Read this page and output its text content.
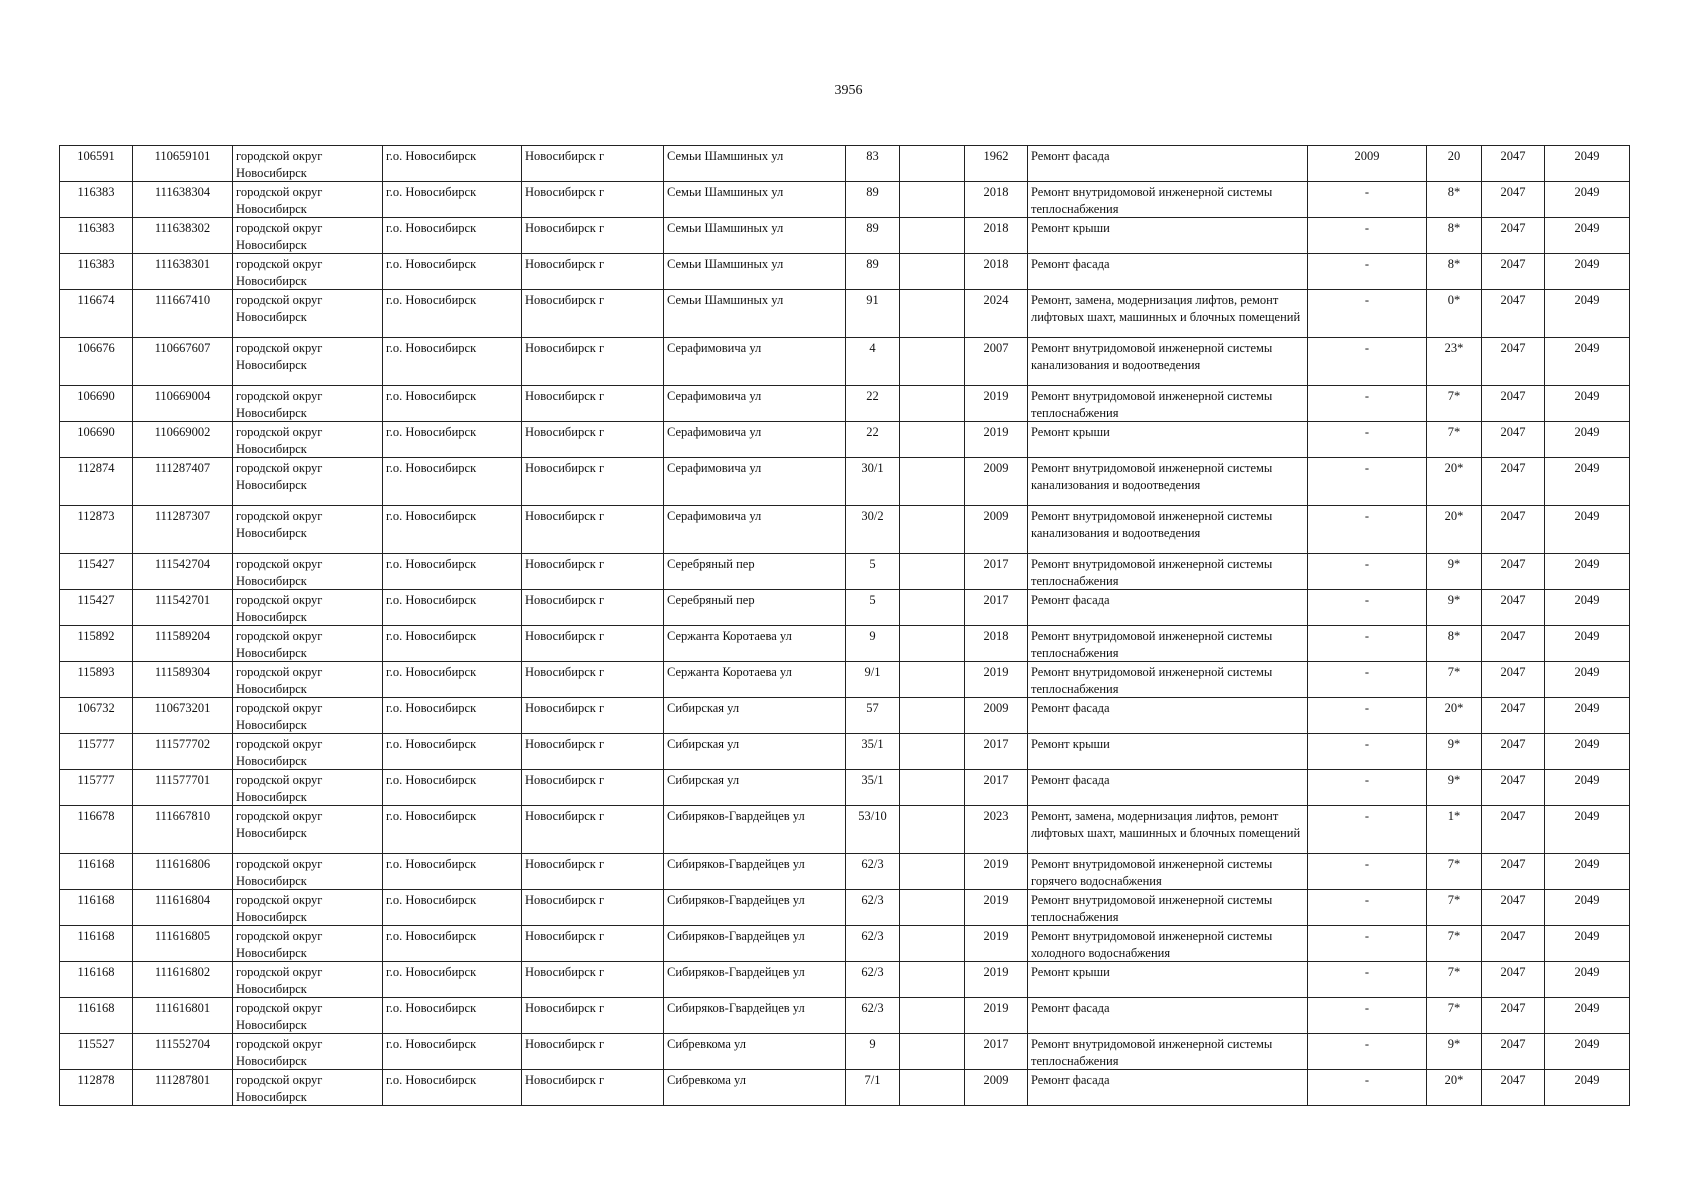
3956
106591	110659101	городской округ Новосибирск	г.о. Новосибирск	Новосибирск г	Семьи Шамшиных ул	83		1962	Ремонт фасада	2009	20	2047	2049
116383	111638304	городской округ Новосибирск	г.о. Новосибирск	Новосибирск г	Семьи Шамшиных ул	89		2018	Ремонт внутридомовой инженерной системы теплоснабжения	-	8*	2047	2049
116383	111638302	городской округ Новосибирск	г.о. Новосибирск	Новосибирск г	Семьи Шамшиных ул	89		2018	Ремонт крыши	-	8*	2047	2049
116383	111638301	городской округ Новосибирск	г.о. Новосибирск	Новосибирск г	Семьи Шамшиных ул	89		2018	Ремонт фасада	-	8*	2047	2049
116674	111667410	городской округ Новосибирск	г.о. Новосибирск	Новосибирск г	Семьи Шамшиных ул	91		2024	Ремонт, замена, модернизация лифтов, ремонт лифтовых шахт, машинных и блочных помещений	-	0*	2047	2049
106676	110667607	городской округ Новосибирск	г.о. Новосибирск	Новосибирск г	Серафимовича ул	4		2007	Ремонт внутридомовой инженерной системы канализования и водоотведения	-	23*	2047	2049
106690	110669004	городской округ Новосибирск	г.о. Новосибирск	Новосибирск г	Серафимовича ул	22		2019	Ремонт внутридомовой инженерной системы теплоснабжения	-	7*	2047	2049
106690	110669002	городской округ Новосибирск	г.о. Новосибирск	Новосибирск г	Серафимовича ул	22		2019	Ремонт крыши	-	7*	2047	2049
112874	111287407	городской округ Новосибирск	г.о. Новосибирск	Новосибирск г	Серафимовича ул	30/1		2009	Ремонт внутридомовой инженерной системы канализования и водоотведения	-	20*	2047	2049
112873	111287307	городской округ Новосибирск	г.о. Новосибирск	Новосибирск г	Серафимовича ул	30/2		2009	Ремонт внутридомовой инженерной системы канализования и водоотведения	-	20*	2047	2049
115427	111542704	городской округ Новосибирск	г.о. Новосибирск	Новосибирск г	Серебряный пер	5		2017	Ремонт внутридомовой инженерной системы теплоснабжения	-	9*	2047	2049
115427	111542701	городской округ Новосибирск	г.о. Новосибирск	Новосибирск г	Серебряный пер	5		2017	Ремонт фасада	-	9*	2047	2049
115892	111589204	городской округ Новосибирск	г.о. Новосибирск	Новосибирск г	Сержанта Коротаева ул	9		2018	Ремонт внутридомовой инженерной системы теплоснабжения	-	8*	2047	2049
115893	111589304	городской округ Новосибирск	г.о. Новосибирск	Новосибирск г	Сержанта Коротаева ул	9/1		2019	Ремонт внутридомовой инженерной системы теплоснабжения	-	7*	2047	2049
106732	110673201	городской округ Новосибирск	г.о. Новосибирск	Новосибирск г	Сибирская ул	57		2009	Ремонт фасада	-	20*	2047	2049
115777	111577702	городской округ Новосибирск	г.о. Новосибирск	Новосибирск г	Сибирская ул	35/1		2017	Ремонт крыши	-	9*	2047	2049
115777	111577701	городской округ Новосибирск	г.о. Новосибирск	Новосибирск г	Сибирская ул	35/1		2017	Ремонт фасада	-	9*	2047	2049
116678	111667810	городской округ Новосибирск	г.о. Новосибирск	Новосибирск г	Сибиряков-Гвардейцев ул	53/10		2023	Ремонт, замена, модернизация лифтов, ремонт лифтовых шахт, машинных и блочных помещений	-	1*	2047	2049
116168	111616806	городской округ Новосибирск	г.о. Новосибирск	Новосибирск г	Сибиряков-Гвардейцев ул	62/3		2019	Ремонт внутридомовой инженерной системы горячего водоснабжения	-	7*	2047	2049
116168	111616804	городской округ Новосибирск	г.о. Новосибирск	Новосибирск г	Сибиряков-Гвардейцев ул	62/3		2019	Ремонт внутридомовой инженерной системы теплоснабжения	-	7*	2047	2049
116168	111616805	городской округ Новосибирск	г.о. Новосибирск	Новосибирск г	Сибиряков-Гвардейцев ул	62/3		2019	Ремонт внутридомовой инженерной системы холодного водоснабжения	-	7*	2047	2049
116168	111616802	городской округ Новосибирск	г.о. Новосибирск	Новосибирск г	Сибиряков-Гвардейцев ул	62/3		2019	Ремонт крыши	-	7*	2047	2049
116168	111616801	городской округ Новосибирск	г.о. Новосибирск	Новосибирск г	Сибиряков-Гвардейцев ул	62/3		2019	Ремонт фасада	-	7*	2047	2049
115527	111552704	городской округ Новосибирск	г.о. Новосибирск	Новосибирск г	Сибревкома ул	9		2017	Ремонт внутридомовой инженерной системы теплоснабжения	-	9*	2047	2049
112878	111287801	городской округ Новосибирск	г.о. Новосибирск	Новосибирск г	Сибревкома ул	7/1		2009	Ремонт фасада	-	20*	2047	2049
